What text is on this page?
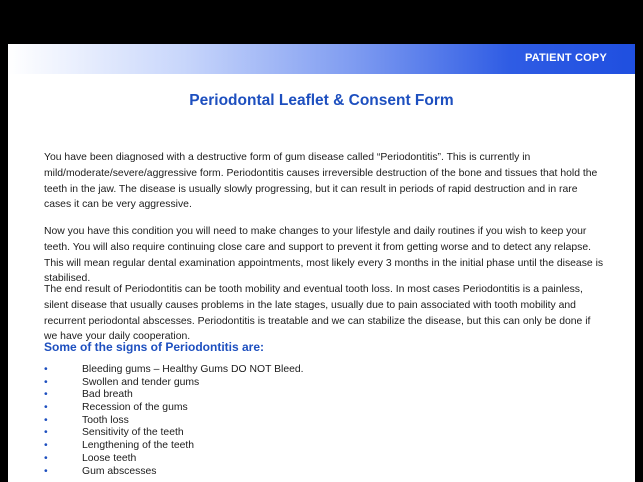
PATIENT COPY
Periodontal Leaflet & Consent Form

You have been diagnosed with a destructive form of gum disease called “Periodontitis”. This is currently in mild/moderate/severe/aggressive form. Periodontitis causes irreversible destruction of the bone and tissues that hold the teeth in the jaw. The disease is usually slowly progressing, but it can result in periods of rapid destruction and in rare cases it can be very aggressive.

Now you have this condition you will need to make changes to your lifestyle and daily routines if you wish to keep your teeth. You will also require continuing close care and support to prevent it from getting worse and to detect any relapse. This will mean regular dental examination appointments, most likely every 3 months in the initial phase until the disease is stabilised.

The end result of Periodontitis can be tooth mobility and eventual tooth loss. In most cases Periodontitis is a painless, silent disease that usually causes problems in the late stages, usually due to pain associated with tooth mobility and recurrent periodontal abscesses. Periodontitis is treatable and we can stabilize the disease, but this can only be done if we have your daily cooperation.

Some of the signs of Periodontitis are:
•	Bleeding gums – Healthy Gums DO NOT Bleed.
•	Swollen and tender gums
•	Bad breath
•	Recession of the gums
•	Tooth loss
•	Sensitivity of the teeth
•	Lengthening of the teeth
•	Loose teeth
•	Gum abscesses
